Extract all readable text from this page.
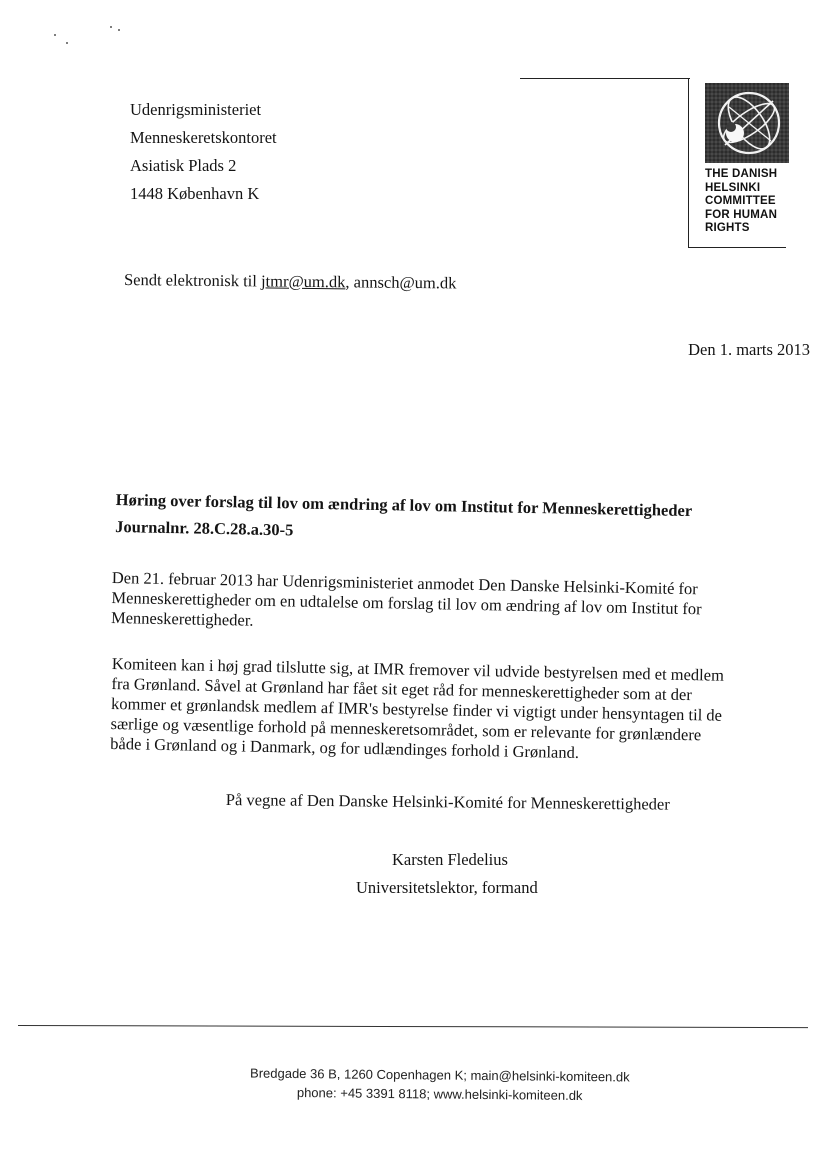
Udenrigsministeriet
Menneskeretskontoret
Asiatisk Plads 2
1448 København K
THE DANISH
HELSINKI
COMMITTEE
FOR HUMAN
RIGHTS
Sendt elektronisk til jtmr@um.dk, annsch@um.dk
Den 1. marts 2013
Høring over forslag til lov om ændring af lov om Institut for Menneskerettigheder
Journalnr. 28.C.28.a.30-5
Den 21. februar 2013 har Udenrigsministeriet anmodet Den Danske Helsinki-Komité for Menneskerettigheder om en udtalelse om forslag til lov om ændring af lov om Institut for Menneskerettigheder.
Komiteen kan i høj grad tilslutte sig, at IMR fremover vil udvide bestyrelsen med et medlem fra Grønland. Såvel at Grønland har fået sit eget råd for menneskerettigheder som at der kommer et grønlandsk medlem af IMR's bestyrelse finder vi vigtigt under hensyntagen til de særlige og væsentlige forhold på menneskeretsområdet, som er relevante for grønlændere både i Grønland og i Danmark, og for udlændinges forhold i Grønland.
På vegne af Den Danske Helsinki-Komité for Menneskerettigheder
Karsten Fledelius
Universitetslektor, formand
Bredgade 36 B, 1260 Copenhagen K; main@helsinki-komiteen.dk
phone: +45 3391 8118; www.helsinki-komiteen.dk
